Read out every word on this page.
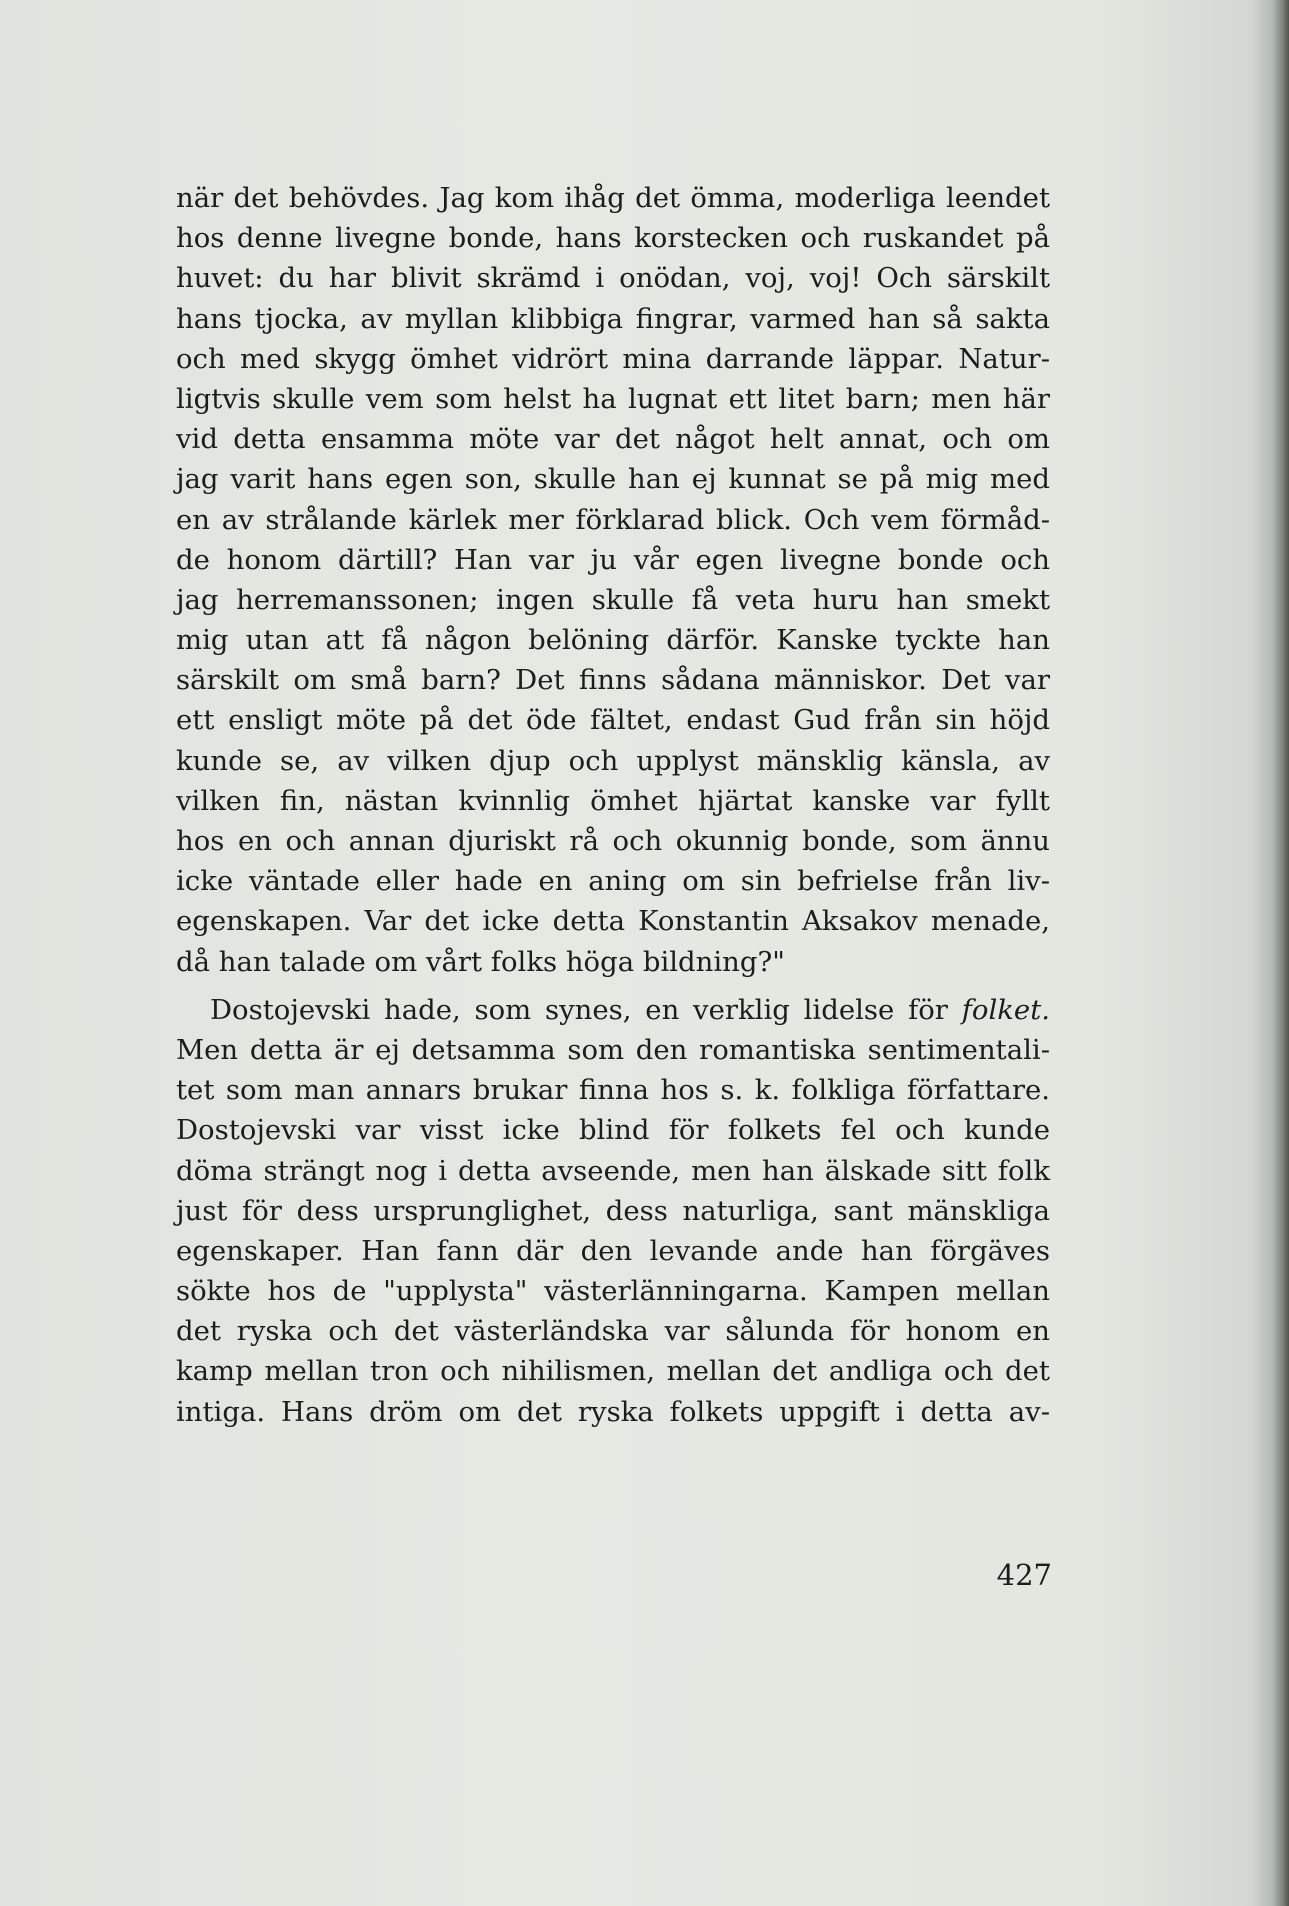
när det behövdes. Jag kom ihåg det ömma, moderliga leendet
hos denne livegne bonde, hans korstecken och ruskandet på
huvet: du har blivit skrämd i onödan, voj, voj! Och särskilt
hans tjocka, av myllan klibbiga fingrar, varmed han så sakta
och med skygg ömhet vidrört mina darrande läppar. Natur-
ligtvis skulle vem som helst ha lugnat ett litet barn; men här
vid detta ensamma möte var det något helt annat, och om
jag varit hans egen son, skulle han ej kunnat se på mig med
en av strålande kärlek mer förklarad blick. Och vem förmåd-
de honom därtill? Han var ju vår egen livegne bonde och
jag herremanssonen; ingen skulle få veta huru han smekt
mig utan att få någon belöning därför. Kanske tyckte han
särskilt om små barn? Det finns sådana människor. Det var
ett ensligt möte på det öde fältet, endast Gud från sin höjd
kunde se, av vilken djup och upplyst mänsklig känsla, av
vilken fin, nästan kvinnlig ömhet hjärtat kanske var fyllt
hos en och annan djuriskt rå och okunnig bonde, som ännu
icke väntade eller hade en aning om sin befrielse från liv-
egenskapen. Var det icke detta Konstantin Aksakov menade,
då han talade om vårt folks höga bildning?"
Dostojevski hade, som synes, en verklig lidelse för folket.
Men detta är ej detsamma som den romantiska sentimentali-
tet som man annars brukar finna hos s. k. folkliga författare.
Dostojevski var visst icke blind för folkets fel och kunde
döma strängt nog i detta avseende, men han älskade sitt folk
just för dess ursprunglighet, dess naturliga, sant mänskliga
egenskaper. Han fann där den levande ande han förgäves
sökte hos de "upplysta" västerlänningarna. Kampen mellan
det ryska och det västerländska var sålunda för honom en
kamp mellan tron och nihilismen, mellan det andliga och det
intiga. Hans dröm om det ryska folkets uppgift i detta av-
427
